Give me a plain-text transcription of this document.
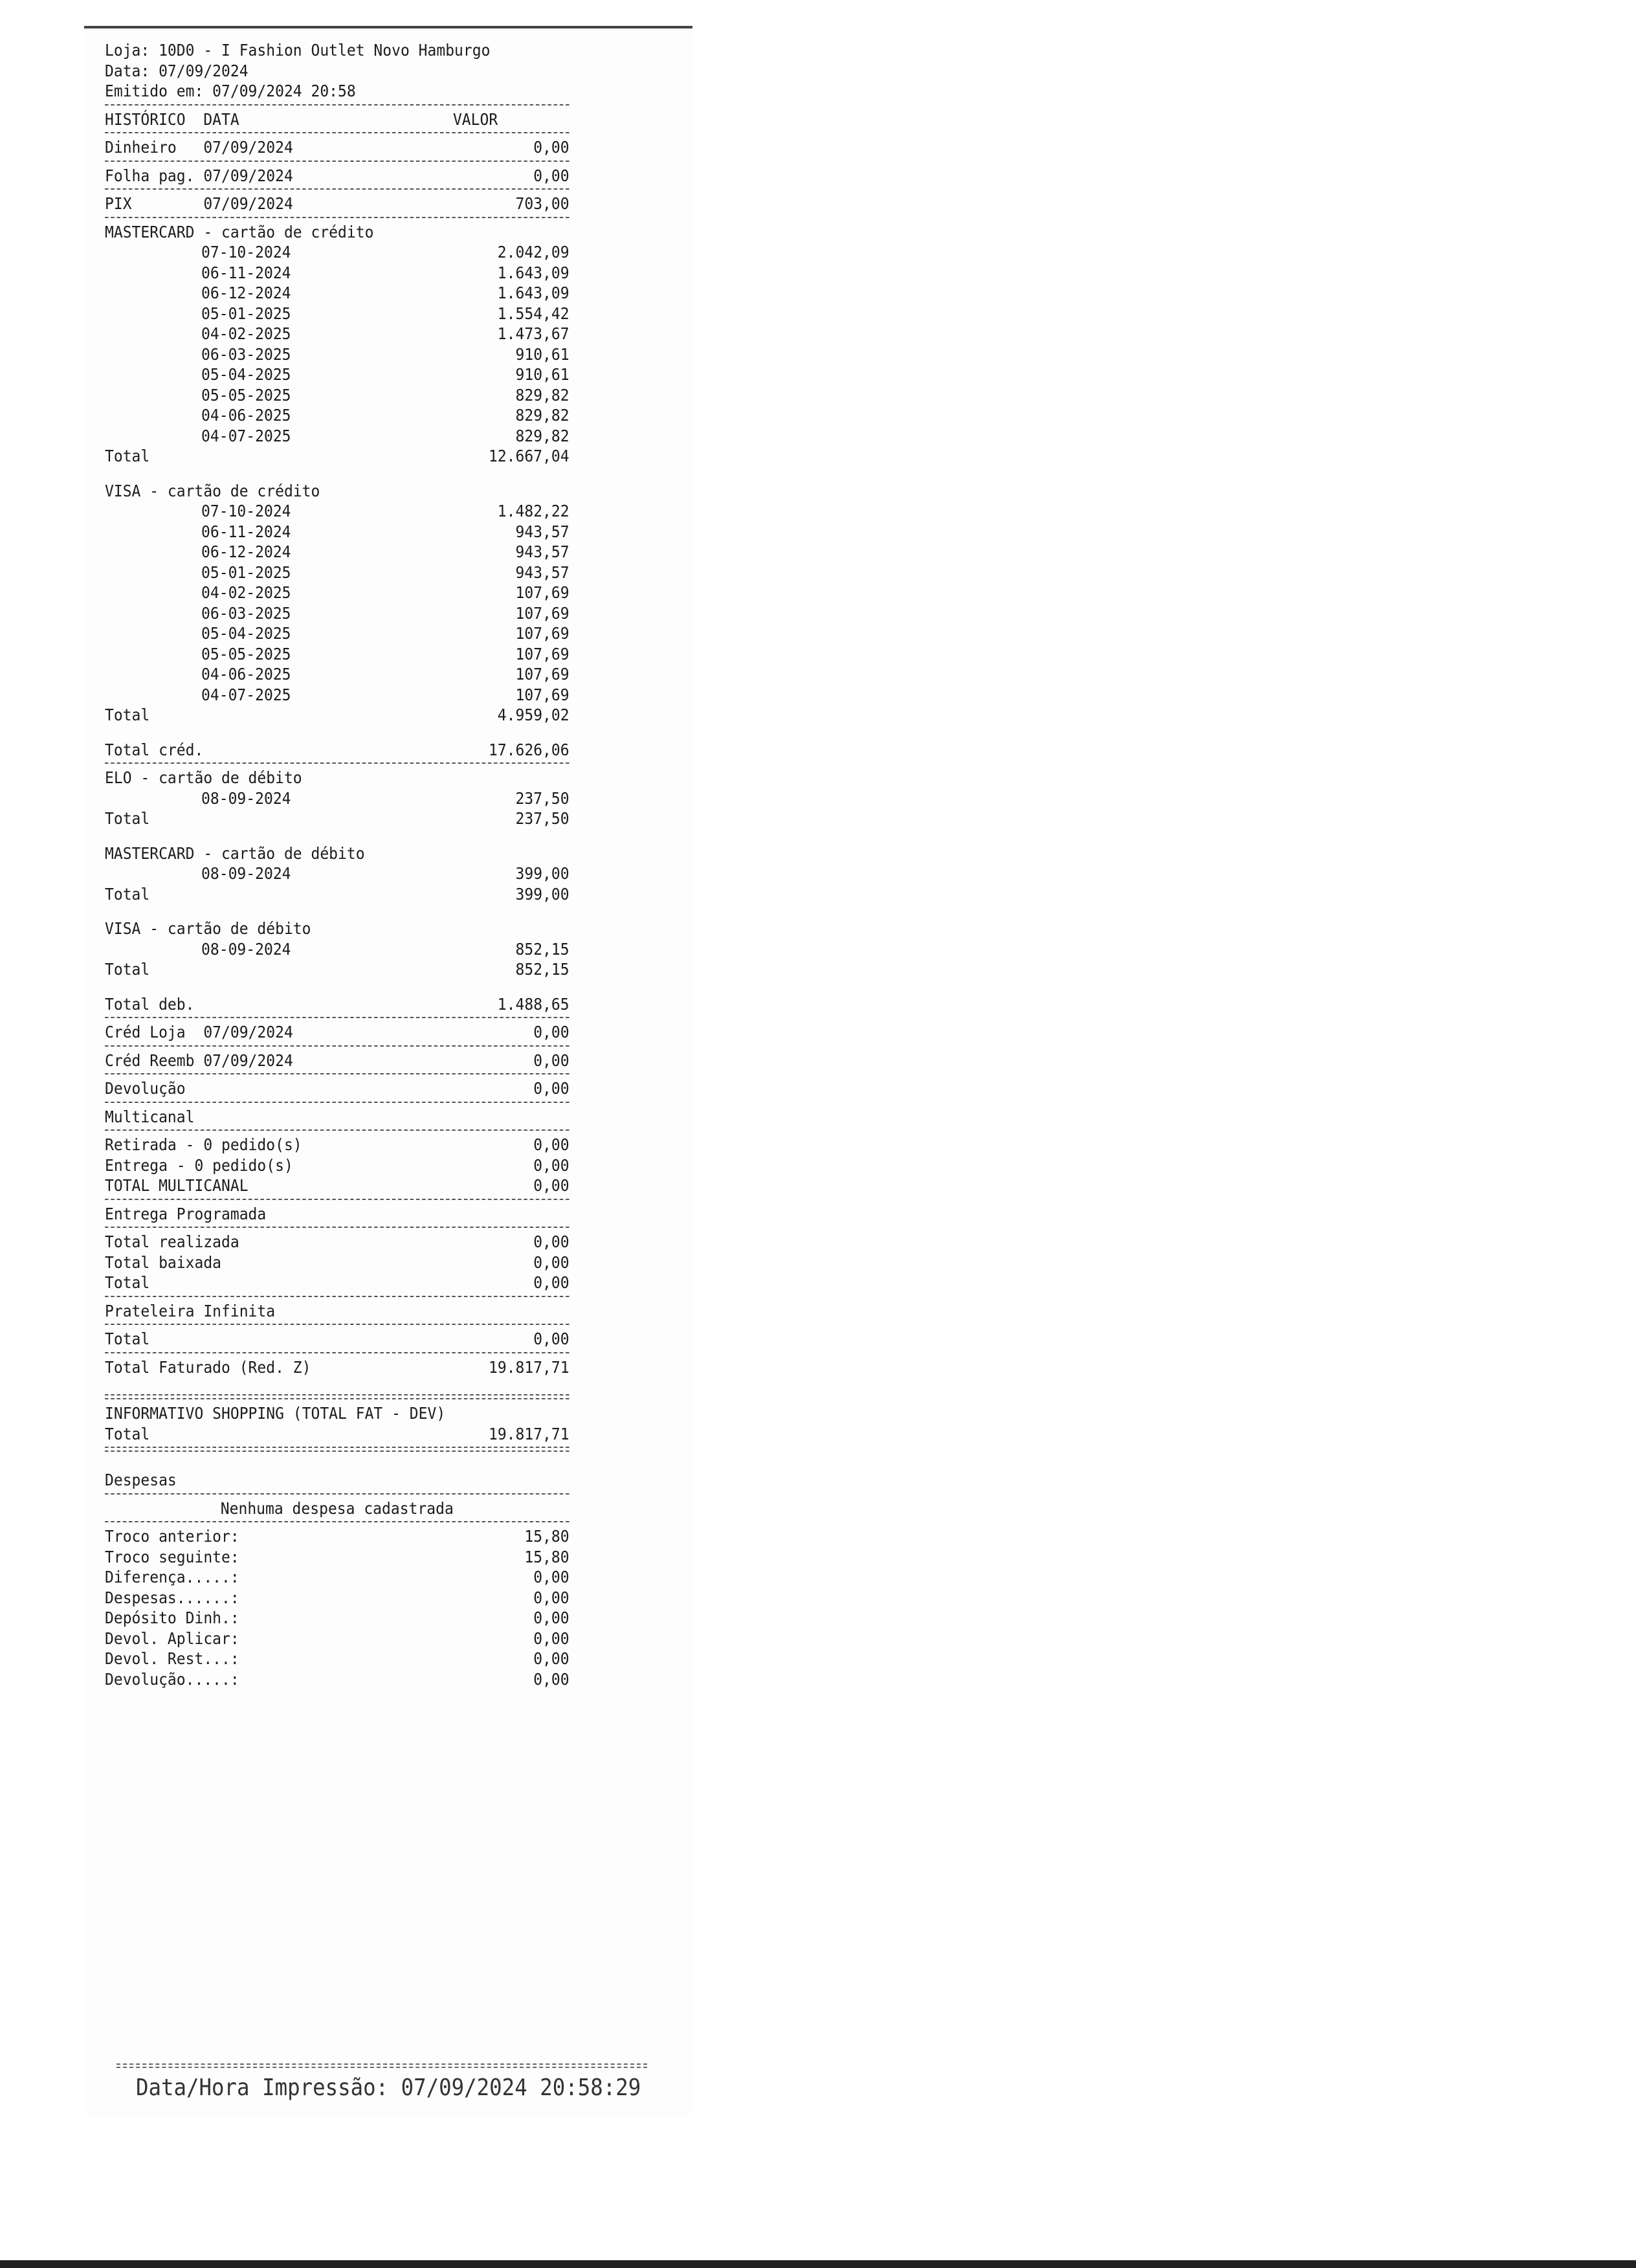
Loja: 10D0 - I Fashion Outlet Novo Hamburgo
Data: 07/09/2024
Emitido em: 07/09/2024 20:58
HISTÓRICO DATA	VALOR
Dinheiro   07/09/2024	0,00
Folha pag. 07/09/2024	0,00
PIX        07/09/2024	703,00
MASTERCARD - cartão de crédito
07-10-2024	2.042,09
06-11-2024	1.643,09
06-12-2024	1.643,09
05-01-2025	1.554,42
04-02-2025	1.473,67
06-03-2025	910,61
05-04-2025	910,61
05-05-2025	829,82
04-06-2025	829,82
04-07-2025	829,82
Total	12.667,04
VISA - cartão de crédito
07-10-2024	1.482,22
06-11-2024	943,57
06-12-2024	943,57
05-01-2025	943,57
04-02-2025	107,69
06-03-2025	107,69
05-04-2025	107,69
05-05-2025	107,69
04-06-2025	107,69
04-07-2025	107,69
Total	4.959,02
Total créd.	17.626,06
ELO - cartão de débito
08-09-2024	237,50
Total	237,50
MASTERCARD - cartão de débito
08-09-2024	399,00
Total	399,00
VISA - cartão de débito
08-09-2024	852,15
Total	852,15
Total deb.	1.488,65
Créd Loja  07/09/2024	0,00
Créd Reemb 07/09/2024	0,00
Devolução	0,00
Multicanal
Retirada - 0 pedido(s)	0,00
Entrega - 0 pedido(s)	0,00
TOTAL MULTICANAL	0,00
Entrega Programada
Total realizada	0,00
Total baixada	0,00
Total	0,00
Prateleira Infinita
Total	0,00
Total Faturado (Red. Z)	19.817,71
INFORMATIVO SHOPPING (TOTAL FAT - DEV)
Total	19.817,71
Despesas
Nenhuma despesa cadastrada
Troco anterior:	15,80
Troco seguinte:	15,80
Diferença.....:	0,00
Despesas......:	0,00
Depósito Dinh.:	0,00
Devol. Aplicar:	0,00
Devol. Rest...:	0,00
Devolução.....:	0,00
Data/Hora Impressão: 07/09/2024 20:58:29
